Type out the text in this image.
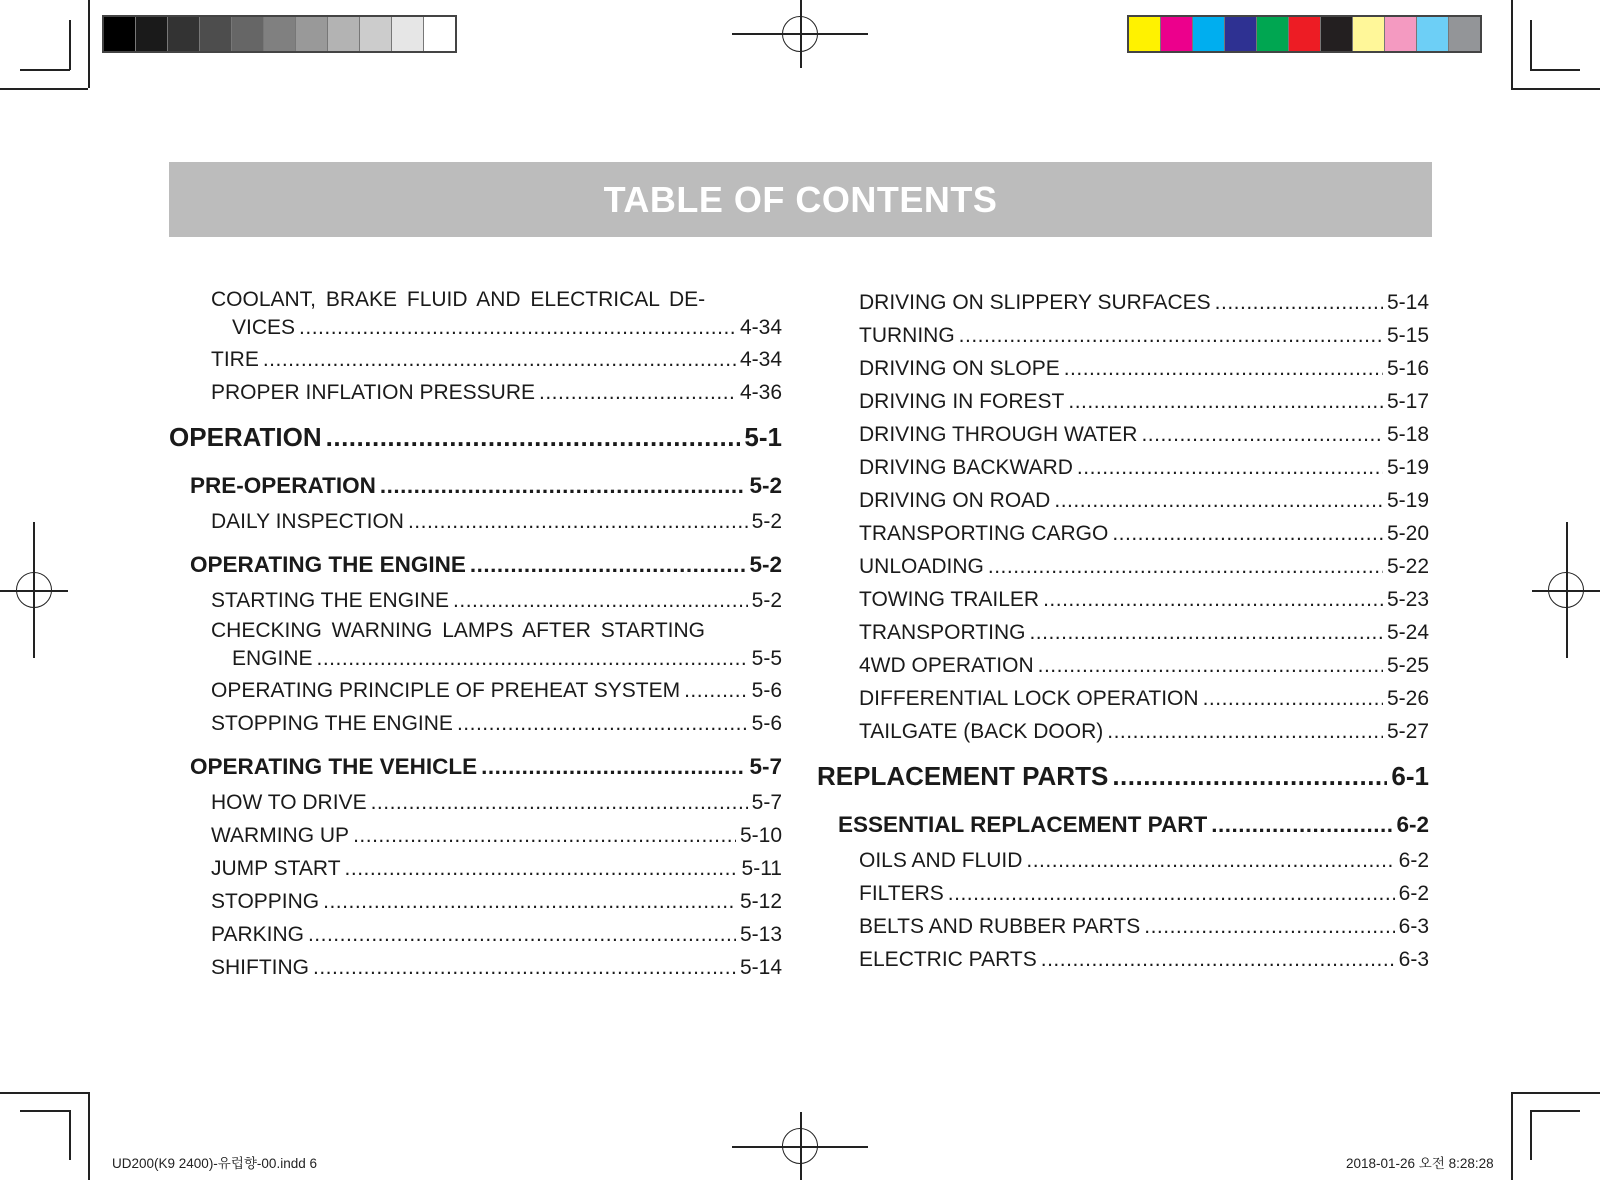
TABLE OF CONTENTS
COOLANT, BRAKE FLUID AND ELECTRICAL DE-
VICES .....	4-34
TIRE .....	4-34
PROPER INFLATION PRESSURE .....	4-36
OPERATION .....	5-1
PRE-OPERATION .....	5-2
DAILY INSPECTION .....	5-2
OPERATING THE ENGINE .....	5-2
STARTING THE ENGINE .....	5-2
CHECKING WARNING LAMPS AFTER STARTING
ENGINE .....	5-5
OPERATING PRINCIPLE OF PREHEAT SYSTEM .....	5-6
STOPPING THE ENGINE .....	5-6
OPERATING THE VEHICLE .....	5-7
HOW TO DRIVE .....	5-7
WARMING UP .....	5-10
JUMP START .....	5-11
STOPPING .....	5-12
PARKING .....	5-13
SHIFTING .....	5-14
DRIVING ON SLIPPERY SURFACES .....	5-14
TURNING .....	5-15
DRIVING ON SLOPE .....	5-16
DRIVING IN FOREST .....	5-17
DRIVING THROUGH WATER .....	5-18
DRIVING BACKWARD .....	5-19
DRIVING ON ROAD .....	5-19
TRANSPORTING CARGO .....	5-20
UNLOADING .....	5-22
TOWING TRAILER .....	5-23
TRANSPORTING .....	5-24
4WD OPERATION .....	5-25
DIFFERENTIAL LOCK OPERATION .....	5-26
TAILGATE (BACK DOOR) .....	5-27
REPLACEMENT PARTS .....	6-1
ESSENTIAL REPLACEMENT PART .....	6-2
OILS AND FLUID .....	6-2
FILTERS .....	6-2
BELTS AND RUBBER PARTS .....	6-3
ELECTRIC PARTS .....	6-3
UD200(K9 2400)-유럽향-00.indd 6	2018-01-26 오전 8:28:28
